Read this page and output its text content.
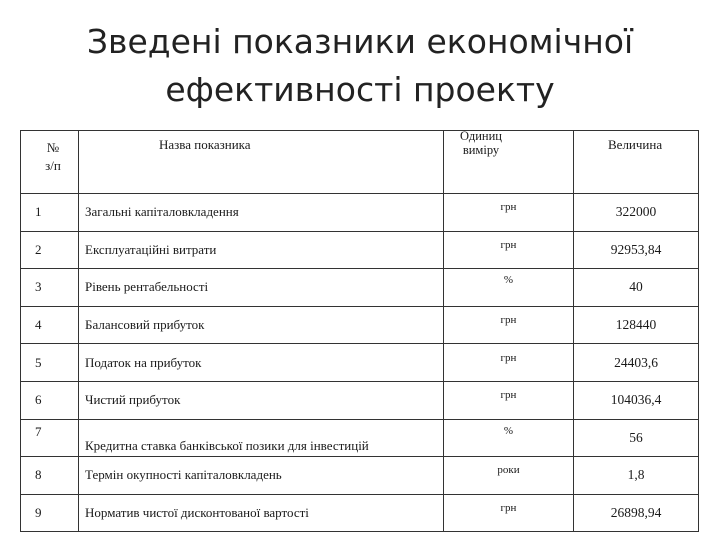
Зведені показники економічної
ефективності проекту
№ з/п	Назва показника	Одиниц виміру	Величина

1	Загальні капіталовкладення	грн	322000
2	Експлуатаційні витрати	грн	92953,84
3	Рівень рентабельності	%	40
4	Балансовий прибуток	грн	128440
5	Податок на прибуток	грн	24403,6
6	Чистий прибуток	грн	104036,4
7	Кредитна ставка банківської позики для інвестицій	%	56
8	Термін окупності капіталовкладень	роки	1,8
9	Норматив чистої дисконтованої вартості	грн	26898,94
